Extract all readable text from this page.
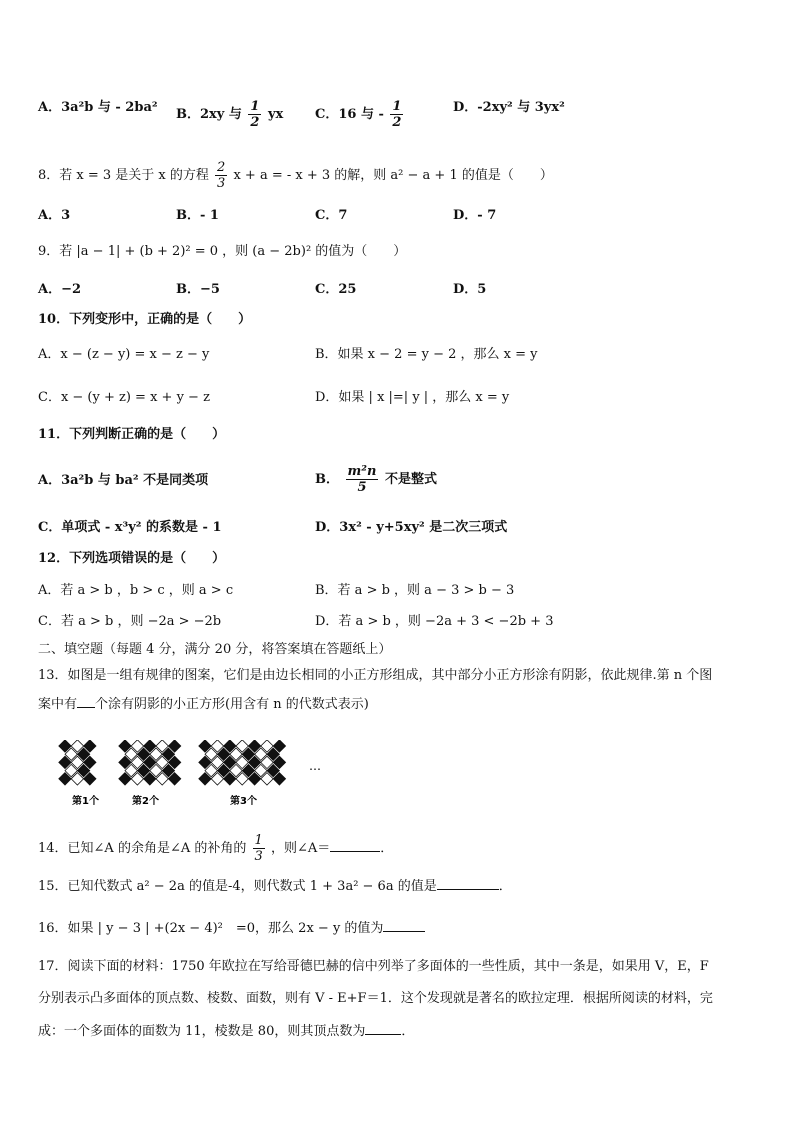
A．3a²b 与 - 2ba² B．2xy 与 $\frac{1}{2}$ yx C．16 与 - $\frac{1}{2}$	D．-2xy² 与 3yx²
8．若 x = 3 是关于 x 的方程 $\frac{2}{3}$ x + a = - x + 3 的解，则 a² − a + 1 的值是（　　）
A．3	B．- 1	C．7	D．- 7
9．若 |a − 1| + (b + 2)² = 0 ，则 (a − 2b)² 的值为（　　）
A．−2	B．−5	C．25	D．5
10．下列变形中，正确的是（　　）
A．x − (z − y) = x − z − y	B．如果 x − 2 = y − 2 ，那么 x = y
C．x − (y + z) = x + y − z	D．如果 | x |=| y | ，那么 x = y
11．下列判断正确的是（　　）
A．3a²b 与 ba² 不是同类项	B． $\frac{\text{m²n}}{5}$ 不是整式
C．单项式 - x³y² 的系数是 - 1	D．3x² - y+5xy² 是二次三项式
12．下列选项错误的是（　　）
A．若 a > b ，b > c ，则 a > c	B．若 a > b ，则 a − 3 > b − 3
C．若 a > b ，则 −2a > −2b	D．若 a > b ，则 −2a + 3 < −2b + 3
二、填空题（每题 4 分，满分 20 分，将答案填在答题纸上）
13．如图是一组有规律的图案，它们是由边长相同的小正方形组成，其中部分小正方形涂有阴影，依此规律.第 n 个图
案中有 个涂有阴影的小正方形(用含有 n 的代数式表示)
第1个	第2个	第3个
…
14．已知∠A 的余角是∠A 的补角的 $\frac{1}{3}$ ，则∠A＝	．
15．已知代数式 a² − 2a 的值是-4，则代数式 1 + 3a² − 6a 的值是	．
16．如果 | y − 3 | +(2x − 4)²　=0，那么 2x − y 的值为
17．阅读下面的材料：1750 年欧拉在写给哥德巴赫的信中列举了多面体的一些性质，其中一条是，如果用 V，E，F
分别表示凸多面体的顶点数、棱数、面数，则有 V - E+F＝1．这个发现就是著名的欧拉定理．根据所阅读的材料，完
成：一个多面体的面数为 11，棱数是 80，则其顶点数为	．
